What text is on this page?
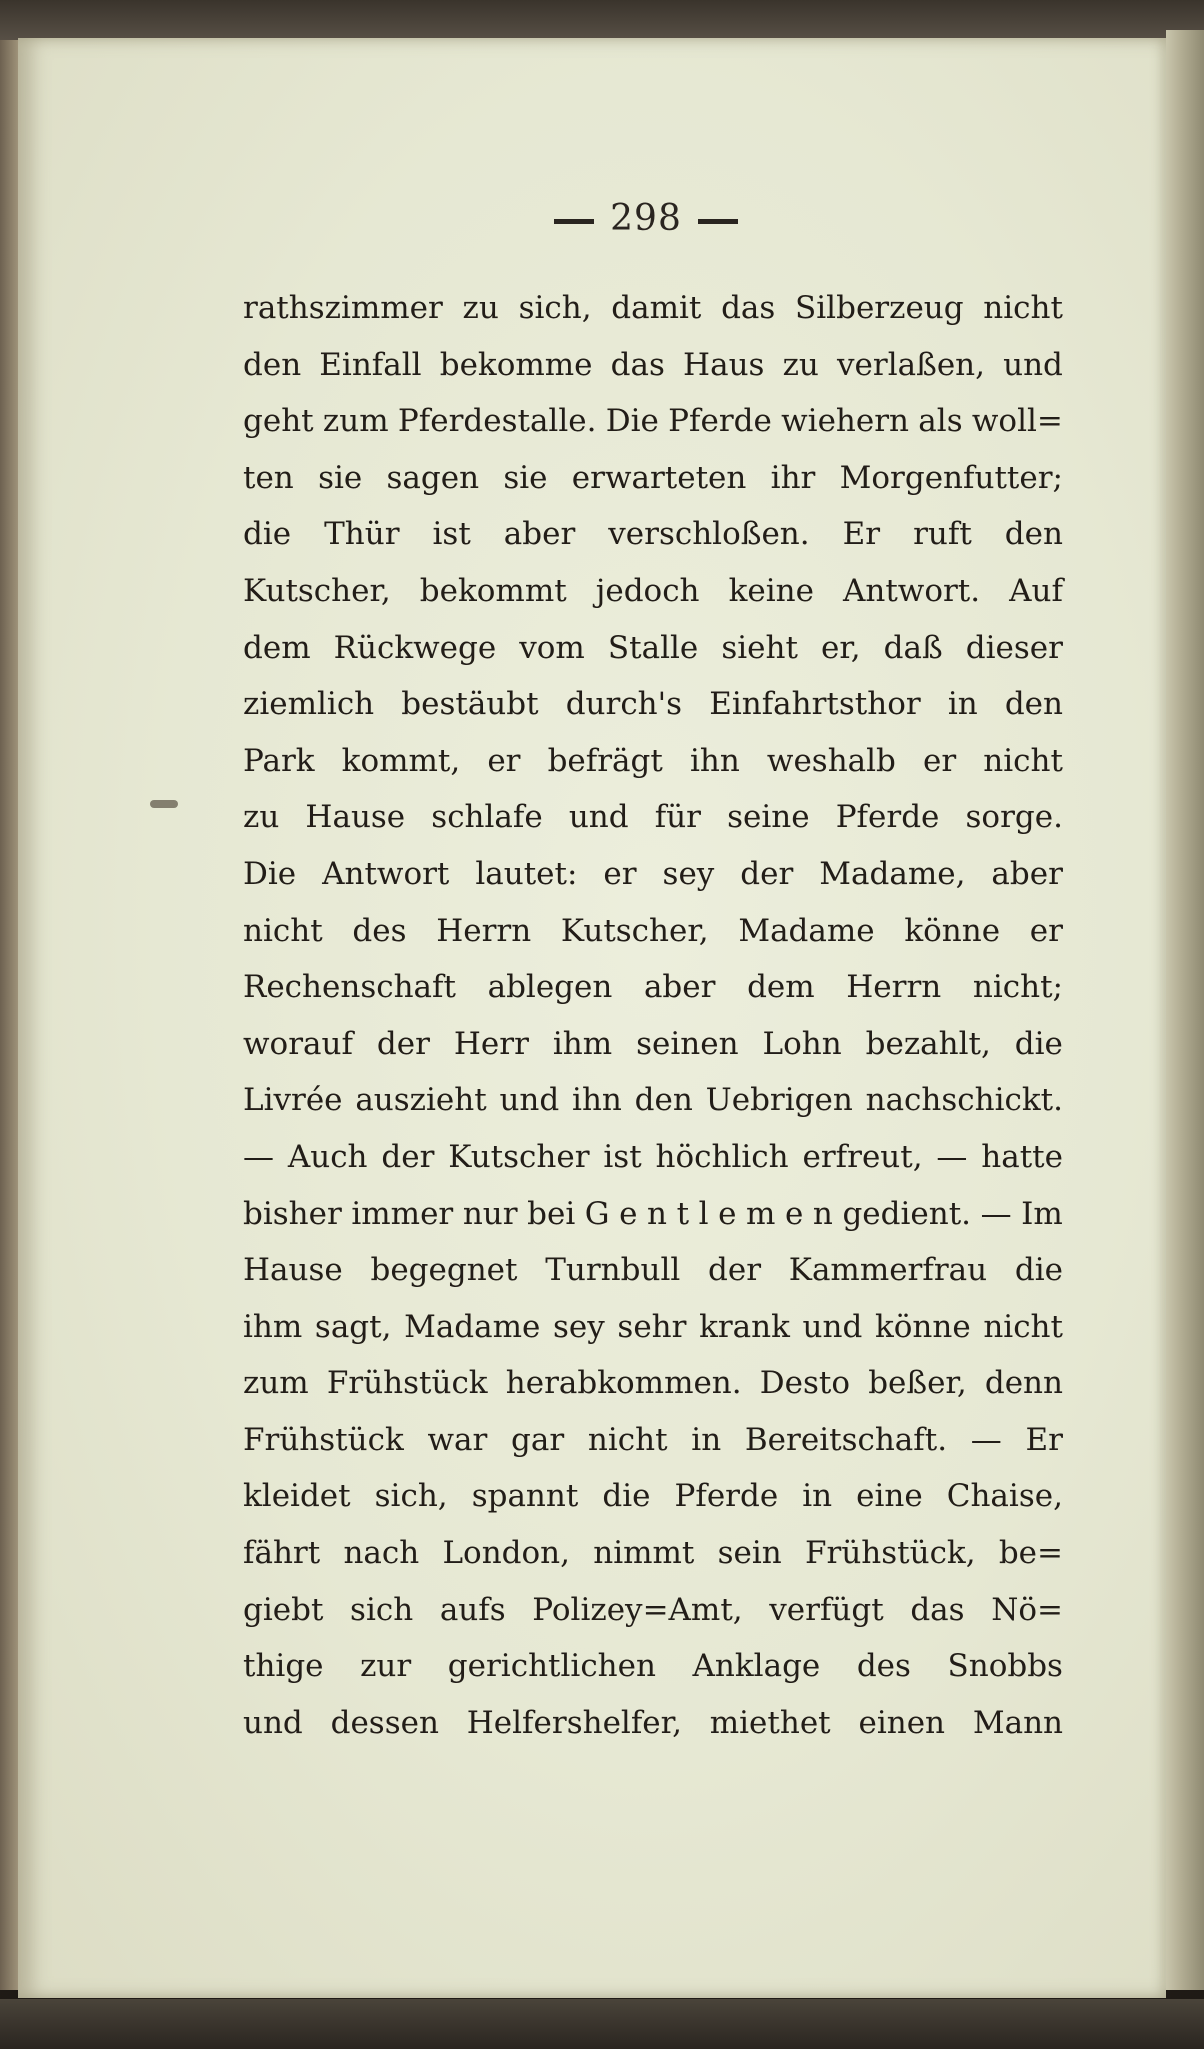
298
rathszimmer zu sich, damit das Silberzeug nicht
den Einfall bekomme das Haus zu verlaßen, und
geht zum Pferdestalle. Die Pferde wiehern als woll=
ten sie sagen sie erwarteten ihr Morgenfutter;
die Thür ist aber verschloßen. Er ruft den
Kutscher, bekommt jedoch keine Antwort. Auf
dem Rückwege vom Stalle sieht er, daß dieser
ziemlich bestäubt durch's Einfahrtsthor in den
Park kommt, er befrägt ihn weshalb er nicht
zu Hause schlafe und für seine Pferde sorge.
Die Antwort lautet: er sey der Madame, aber
nicht des Herrn Kutscher, Madame könne er
Rechenschaft ablegen aber dem Herrn nicht;
worauf der Herr ihm seinen Lohn bezahlt, die
Livrée auszieht und ihn den Uebrigen nachschickt.
— Auch der Kutscher ist höchlich erfreut, — hatte
bisher immer nur bei G e n t l e m e n gedient. — Im
Hause begegnet Turnbull der Kammerfrau die
ihm sagt, Madame sey sehr krank und könne nicht
zum Frühstück herabkommen. Desto beßer, denn
Frühstück war gar nicht in Bereitschaft. — Er
kleidet sich, spannt die Pferde in eine Chaise,
fährt nach London, nimmt sein Frühstück, be=
giebt sich aufs Polizey=Amt, verfügt das Nö=
thige zur gerichtlichen Anklage des Snobbs
und dessen Helfershelfer, miethet einen Mann
